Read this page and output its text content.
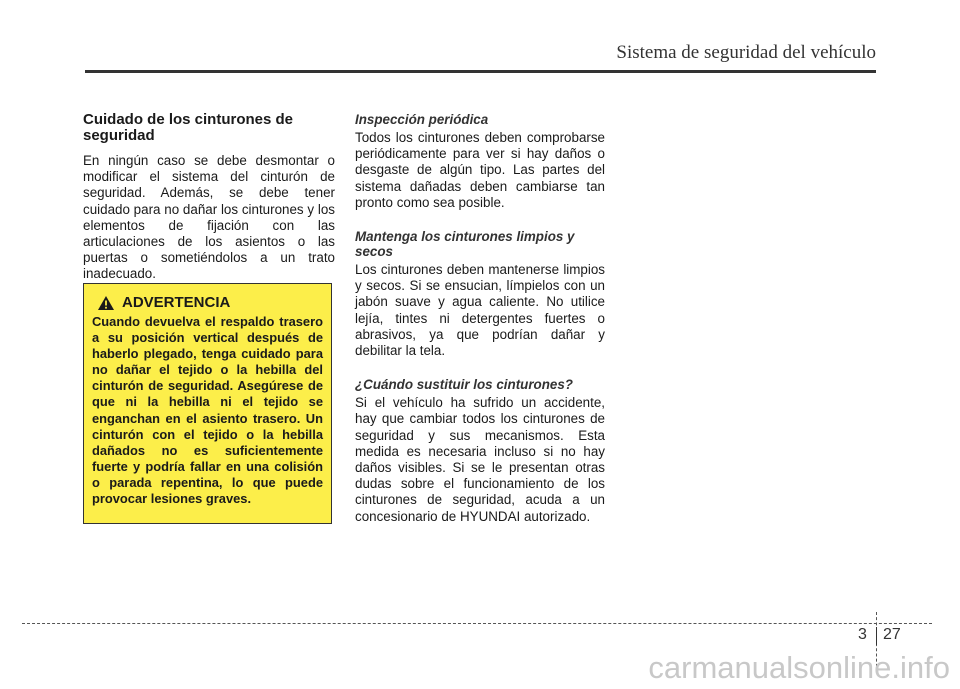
Sistema de seguridad del vehículo
Cuidado de los cinturones de seguridad

En ningún caso se debe desmontar o modificar el sistema del cinturón de seguridad. Además, se debe tener cuidado para no dañar los cinturones y los elementos de fijación con las articulaciones de los asientos o las puertas o sometiéndolos a un trato inadecuado.

ADVERTENCIA

Cuando devuelva el respaldo trasero a su posición vertical después de haberlo plegado, tenga cuidado para no dañar el tejido o la hebilla del cinturón de seguridad. Asegúrese de que ni la hebilla ni el tejido se enganchan en el asiento trasero. Un cinturón con el tejido o la hebilla dañados no es suficientemente fuerte y podría fallar en una colisión o parada repentina, lo que puede provocar lesiones graves.

Inspección periódica

Todos los cinturones deben comprobarse periódicamente para ver si hay daños o desgaste de algún tipo. Las partes del sistema dañadas deben cambiarse tan pronto como sea posible.

Mantenga los cinturones limpios y secos

Los cinturones deben mantenerse limpios y secos. Si se ensucian, límpielos con un jabón suave y agua caliente. No utilice lejía, tintes ni detergentes fuertes o abrasivos, ya que podrían dañar y debilitar la tela.

¿Cuándo sustituir los cinturones?

Si el vehículo ha sufrido un accidente, hay que cambiar todos los cinturones de seguridad y sus mecanismos. Esta medida es necesaria incluso si no hay daños visibles. Si se le presentan otras dudas sobre el funcionamiento de los cinturones de seguridad, acuda a un concesionario de HYUNDAI autorizado.

3 27
carmanualsonline.info
